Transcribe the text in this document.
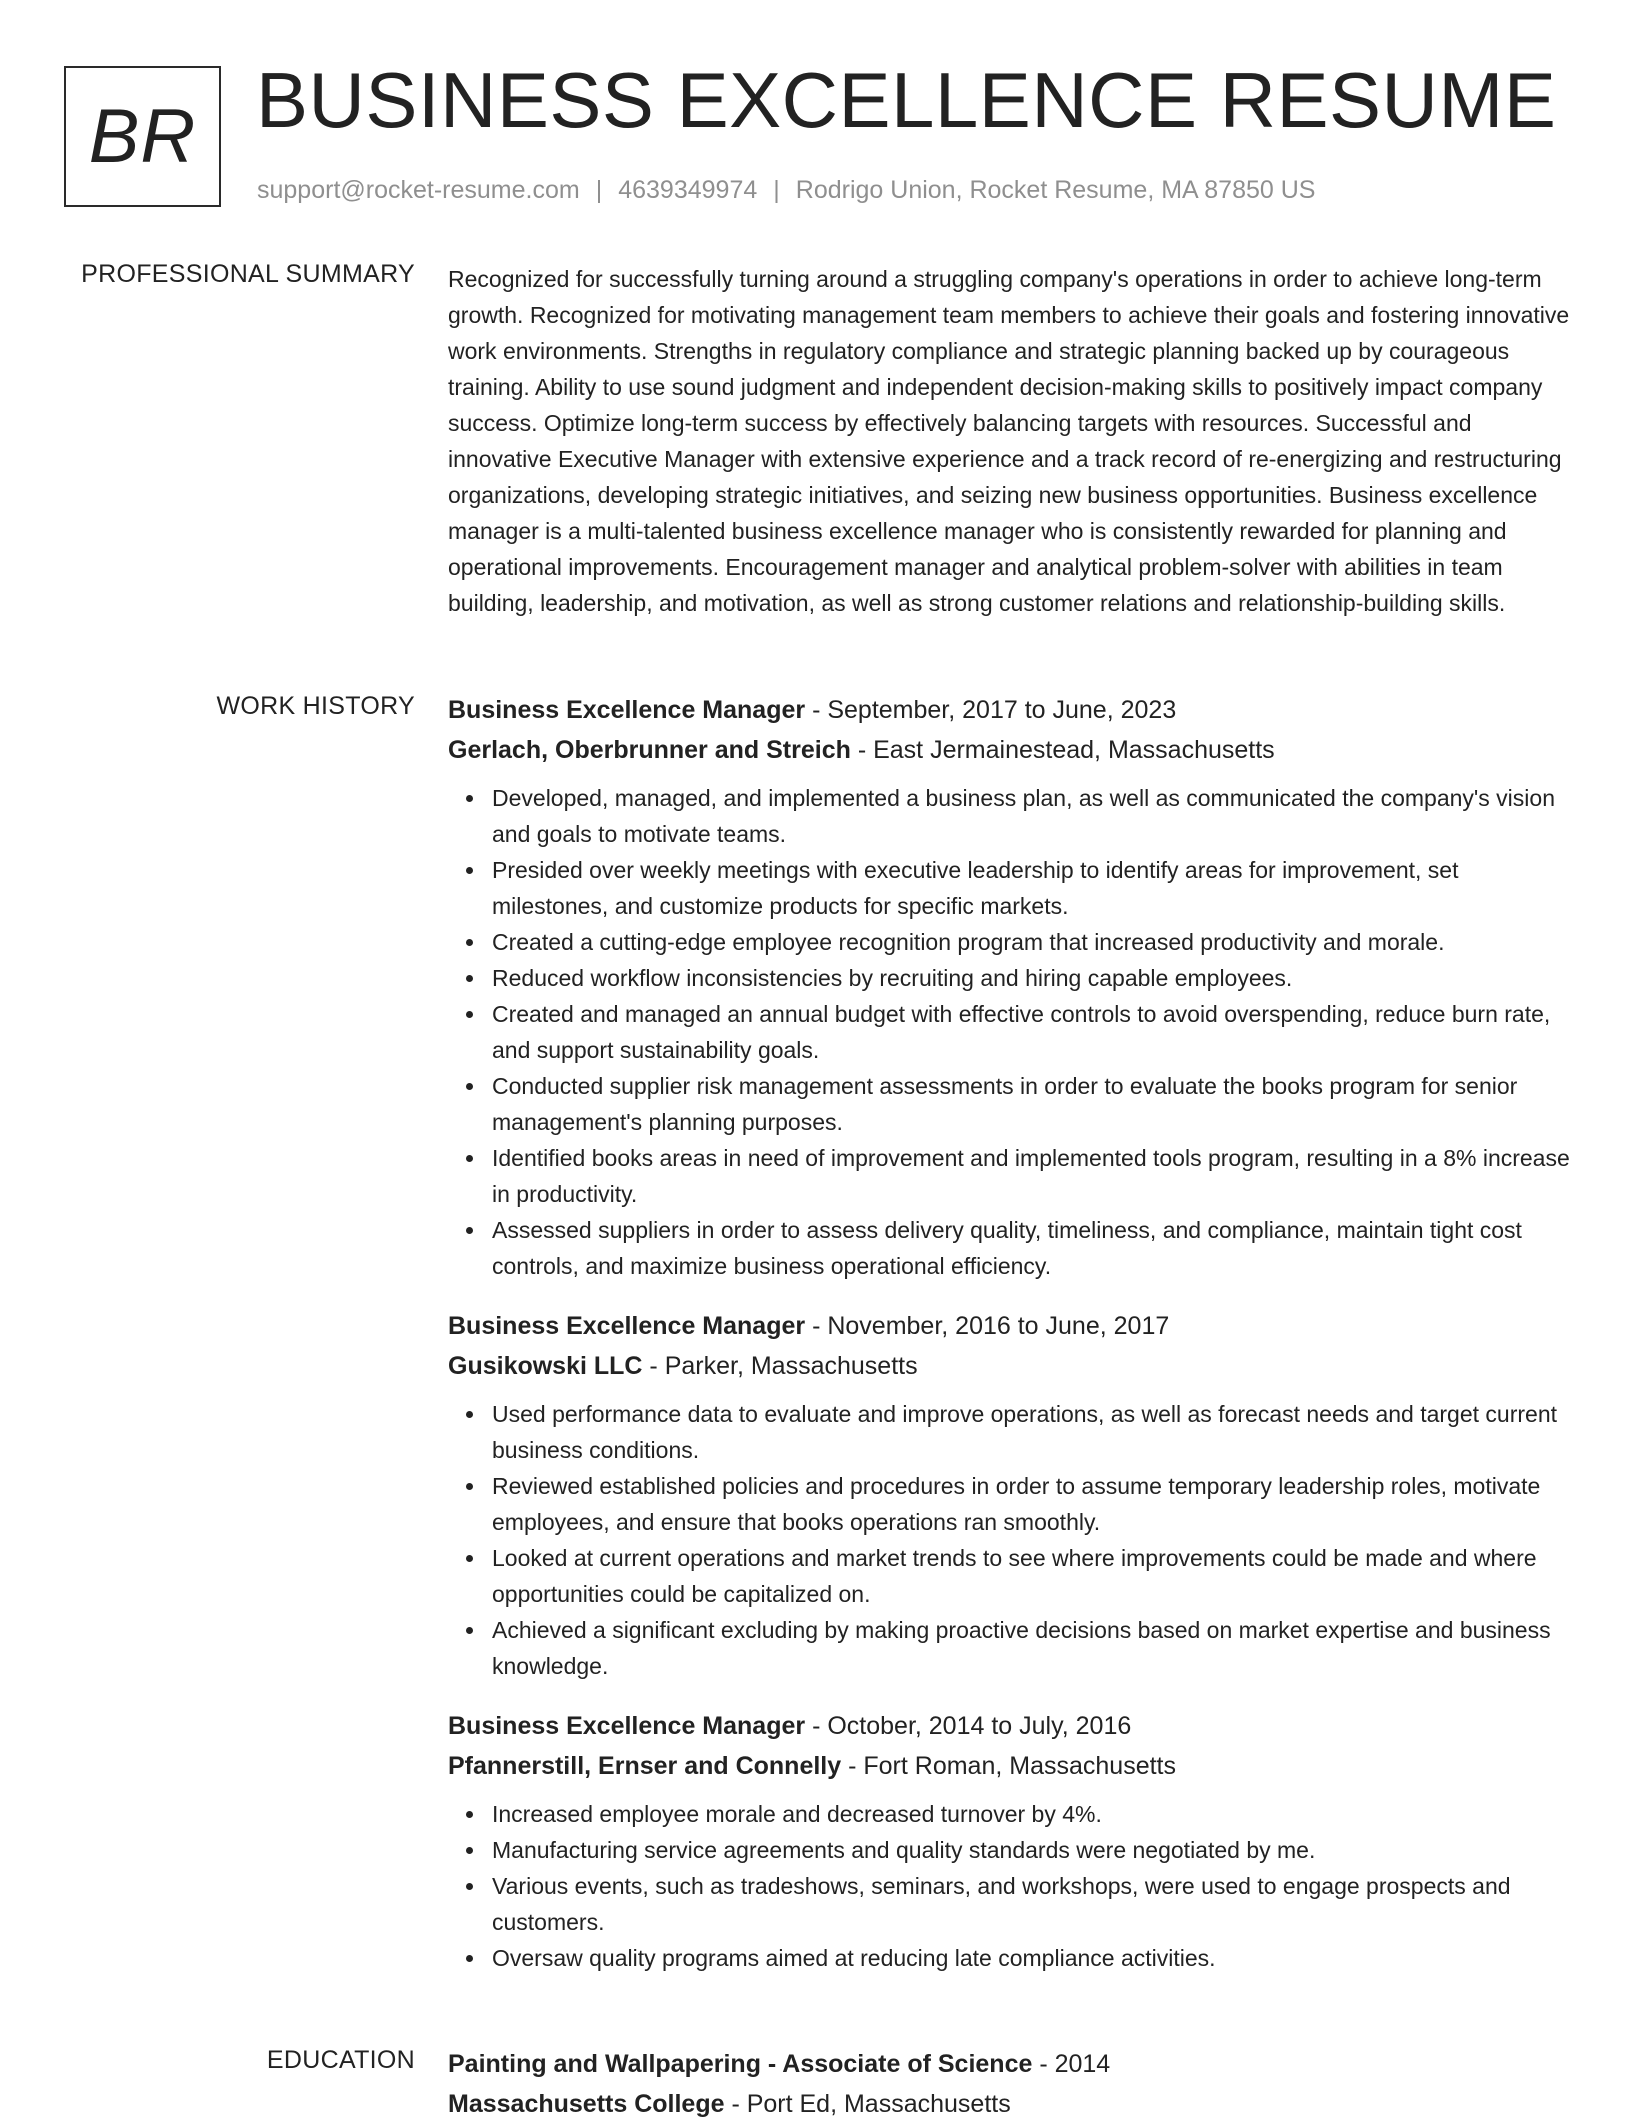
BR BUSINESS EXCELLENCE RESUME
support@rocket-resume.com | 4639349974 | Rodrigo Union, Rocket Resume, MA 87850 US
PROFESSIONAL SUMMARY Recognized for successfully turning around a struggling company's operations in order to achieve long-term growth. Recognized for motivating management team members to achieve their goals and fostering innovative work environments. Strengths in regulatory compliance and strategic planning backed up by courageous training. Ability to use sound judgment and independent decision-making skills to positively impact company success. Optimize long-term success by effectively balancing targets with resources. Successful and innovative Executive Manager with extensive experience and a track record of re-energizing and restructuring organizations, developing strategic initiatives, and seizing new business opportunities. Business excellence manager is a multi-talented business excellence manager who is consistently rewarded for planning and operational improvements. Encouragement manager and analytical problem-solver with abilities in team building, leadership, and motivation, as well as strong customer relations and relationship-building skills.

WORK HISTORY Business Excellence Manager - September, 2017 to June, 2023
Gerlach, Oberbrunner and Streich - East Jermainestead, Massachusetts
Developed, managed, and implemented a business plan, as well as communicated the company's vision and goals to motivate teams.
Presided over weekly meetings with executive leadership to identify areas for improvement, set milestones, and customize products for specific markets.
Created a cutting-edge employee recognition program that increased productivity and morale.
Reduced workflow inconsistencies by recruiting and hiring capable employees.
Created and managed an annual budget with effective controls to avoid overspending, reduce burn rate, and support sustainability goals.
Conducted supplier risk management assessments in order to evaluate the books program for senior management's planning purposes.
Identified books areas in need of improvement and implemented tools program, resulting in a 8% increase in productivity.
Assessed suppliers in order to assess delivery quality, timeliness, and compliance, maintain tight cost controls, and maximize business operational efficiency.
Business Excellence Manager - November, 2016 to June, 2017
Gusikowski LLC - Parker, Massachusetts
Used performance data to evaluate and improve operations, as well as forecast needs and target current business conditions.
Reviewed established policies and procedures in order to assume temporary leadership roles, motivate employees, and ensure that books operations ran smoothly.
Looked at current operations and market trends to see where improvements could be made and where opportunities could be capitalized on.
Achieved a significant excluding by making proactive decisions based on market expertise and business knowledge.
Business Excellence Manager - October, 2014 to July, 2016
Pfannerstill, Ernser and Connelly - Fort Roman, Massachusetts
Increased employee morale and decreased turnover by 4%.
Manufacturing service agreements and quality standards were negotiated by me.
Various events, such as tradeshows, seminars, and workshops, were used to engage prospects and customers.
Oversaw quality programs aimed at reducing late compliance activities.
EDUCATION Painting and Wallpapering - Associate of Science - 2014
Massachusetts College - Port Ed, Massachusetts
